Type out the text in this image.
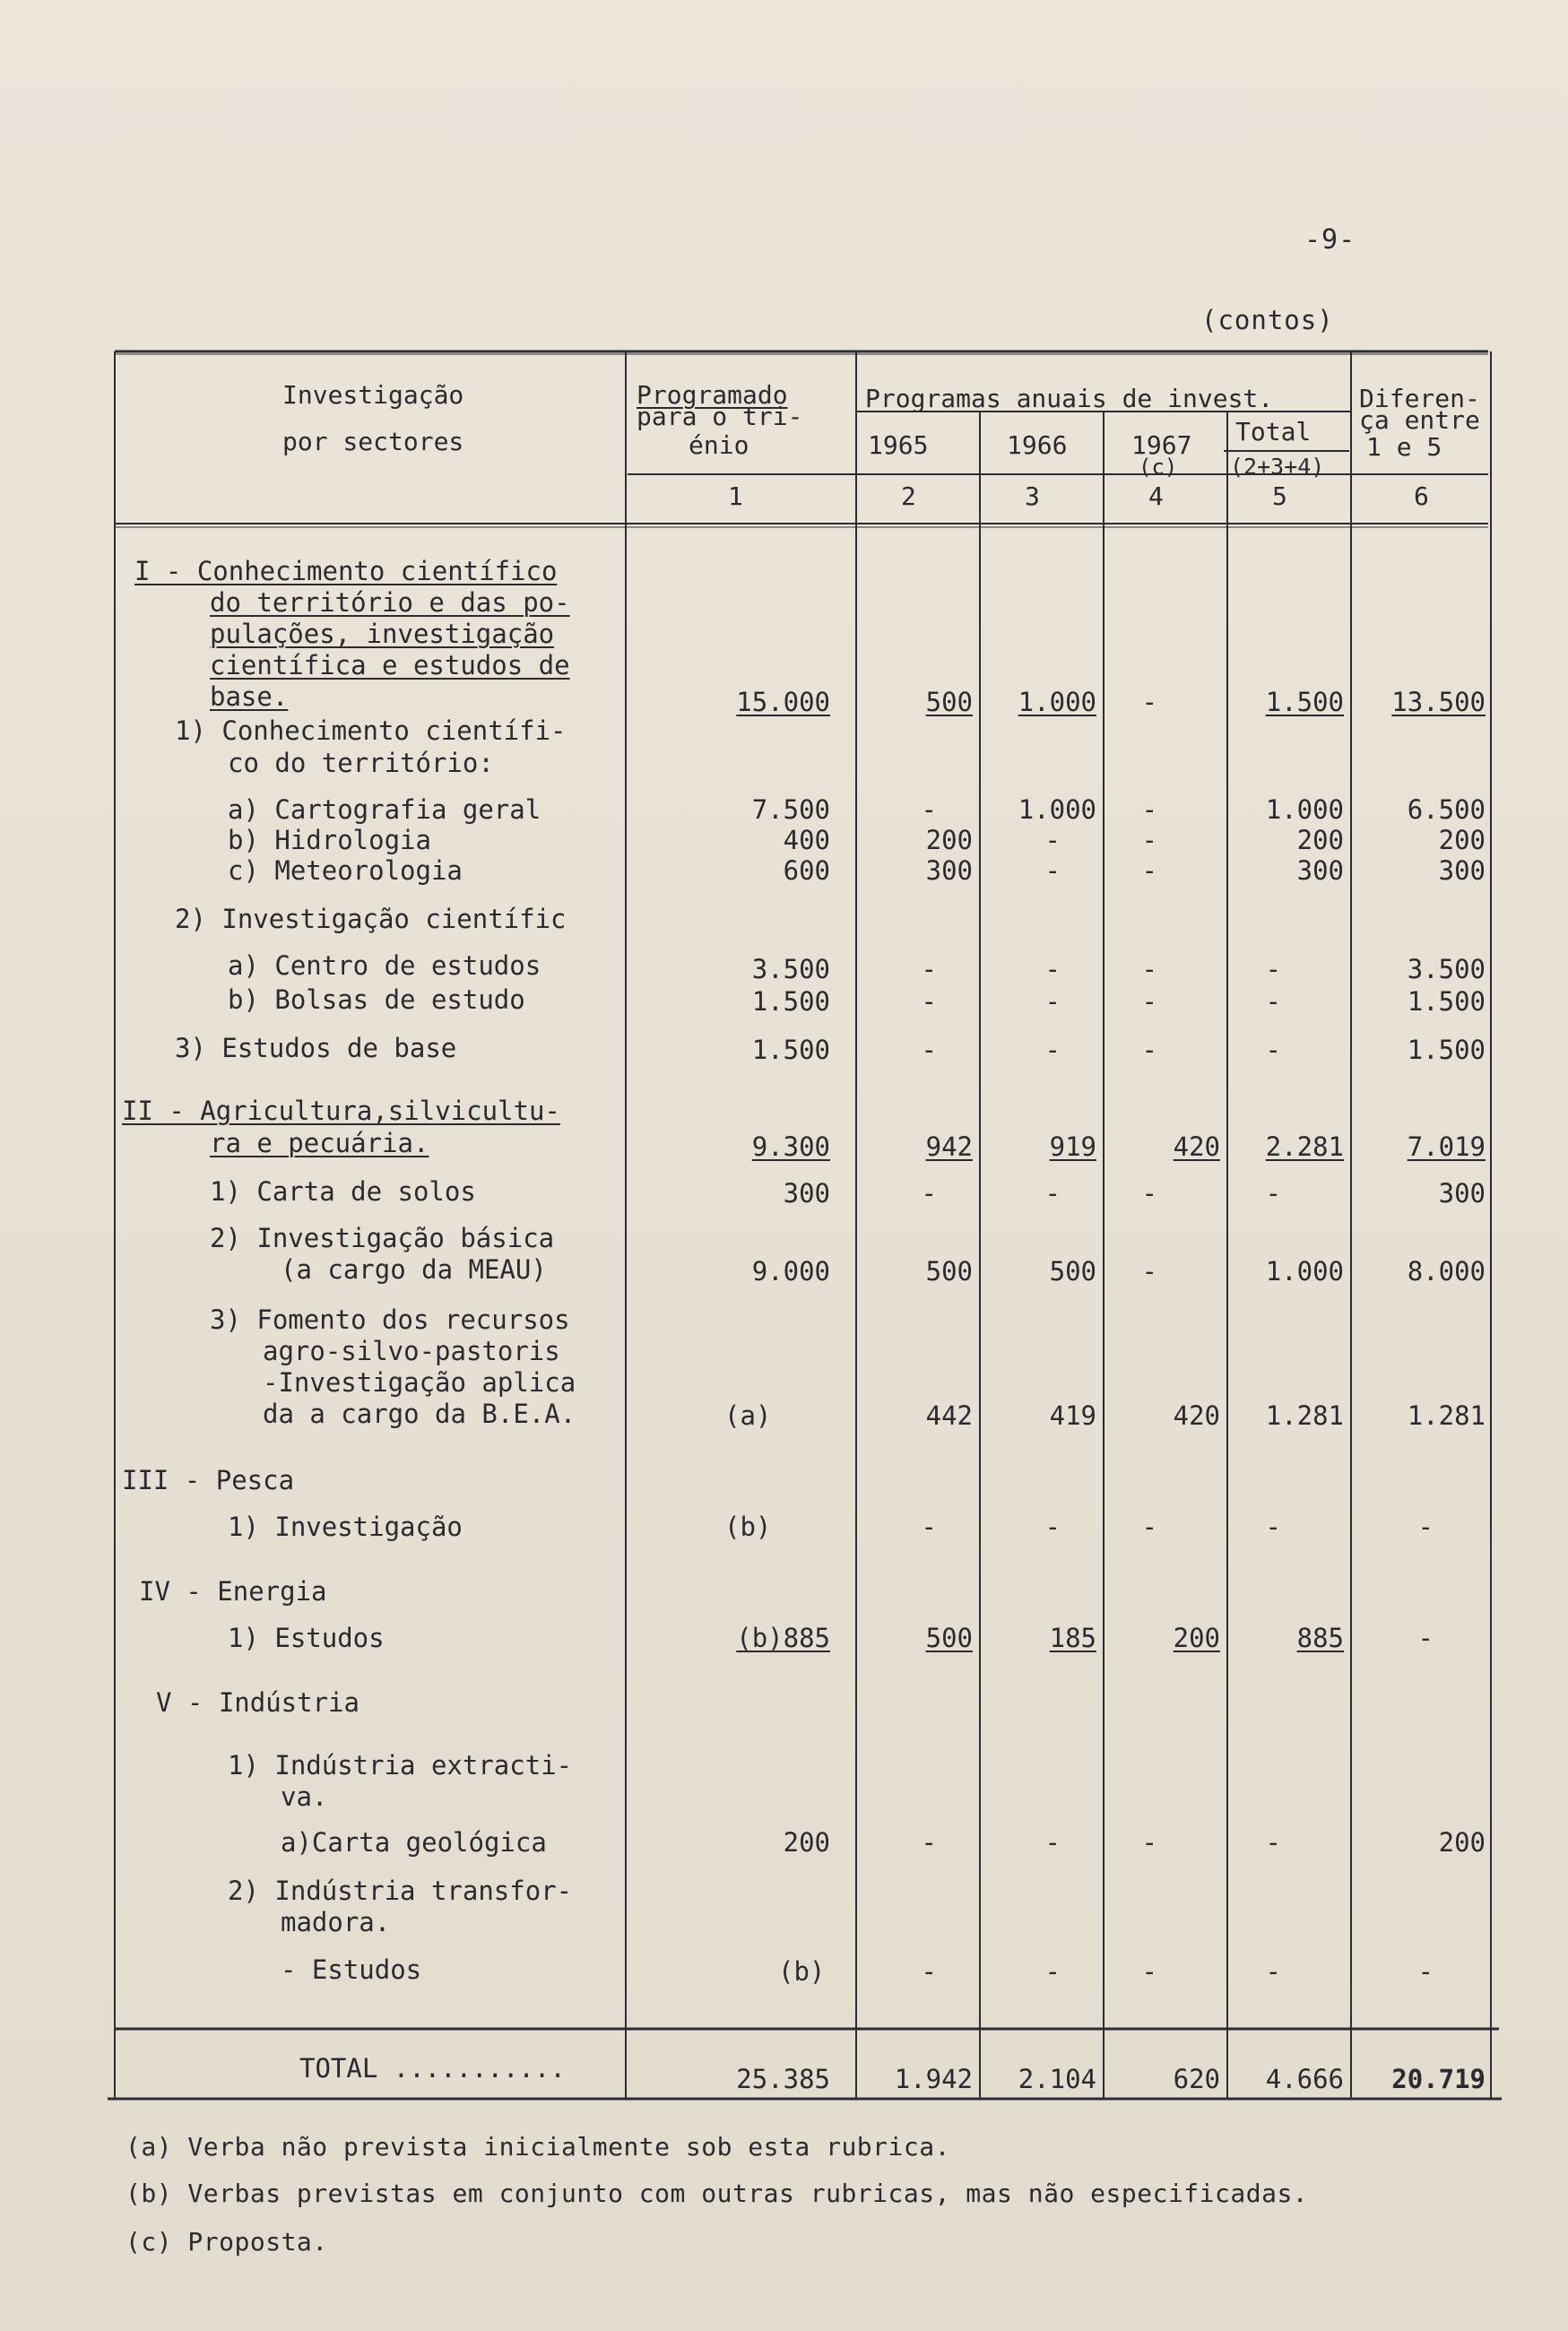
-9-
(contos)
Investigação
por sectores
Programado
para o tri-
énio
Programas anuais de invest.
1965	1966	1967
(c)
Total
(2+3+4)
Diferen-
ça entre
1 e 5
1	2	3	4	5	6
I - Conhecimento científico
do território e das po-
pulações, investigação
científica e estudos de
base.	15.000	500	1.000	-	1.500	13.500
1) Conhecimento científi-
co do território:
a) Cartografia geral	7.500	-	1.000	-	1.000	6.500
b) Hidrologia	400	200	-	-	200	200
c) Meteorologia	600	300	-	-	300	300
2) Investigação científic
a) Centro de estudos	3.500	-	-	-	-	3.500
b) Bolsas de estudo	1.500	-	-	-	-	1.500
3) Estudos de base	1.500	-	-	-	-	1.500
II - Agricultura,silvicultu-
ra e pecuária.	9.300	942	919	420	2.281	7.019
1) Carta de solos	300	-	-	-	-	300
2) Investigação básica
(a cargo da MEAU)	9.000	500	500	-	1.000	8.000
3) Fomento dos recursos
agro-silvo-pastoris
-Investigação aplica
da a cargo da B.E.A.	(a)	442	419	420	1.281	1.281
III - Pesca
1) Investigação	(b)	-	-	-	-	-
IV - Energia
1) Estudos	(b)885	500	185	200	885	-
V - Indústria
1) Indústria extracti-
va.
a)Carta geológica	200	-	-	-	-	200
2) Indústria transfor-
madora.
- Estudos	(b)	-	-	-	-	-
TOTAL ...........	25.385	1.942	2.104	620	4.666	20.719
(a) Verba não prevista inicialmente sob esta rubrica.
(b) Verbas previstas em conjunto com outras rubricas, mas não especificadas.
(c) Proposta.
